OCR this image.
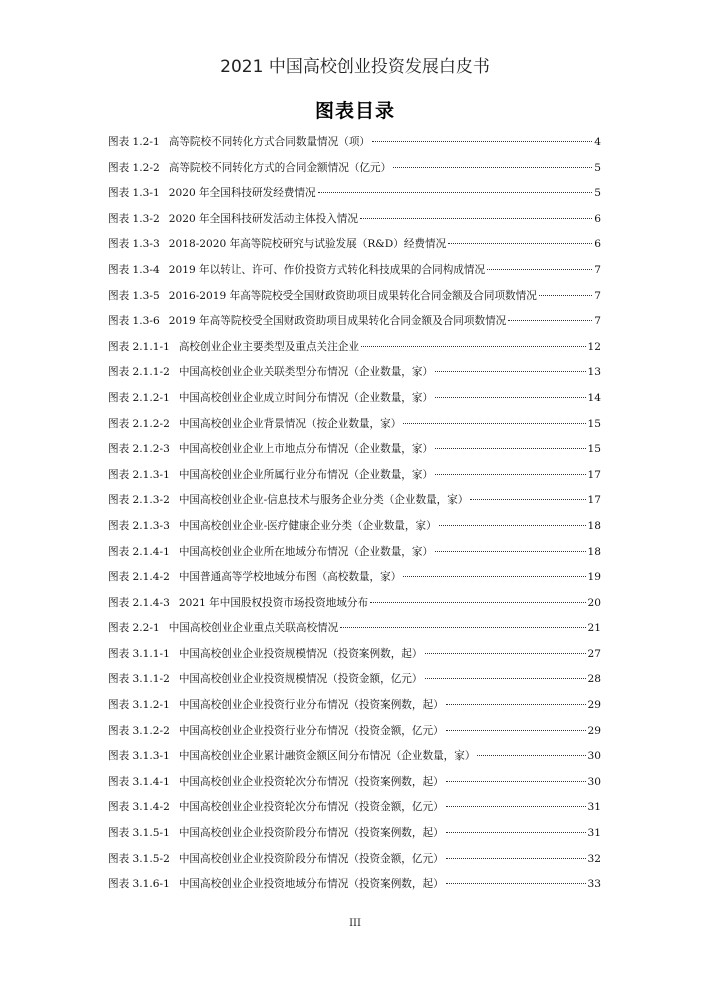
2021 中国高校创业投资发展白皮书
图表目录
图表 1.2-1 高等院校不同转化方式合同数量情况（项）	4
图表 1.2-2 高等院校不同转化方式的合同金额情况（亿元）	5
图表 1.3-1 2020 年全国科技研发经费情况	5
图表 1.3-2 2020 年全国科技研发活动主体投入情况	6
图表 1.3-3 2018-2020 年高等院校研究与试验发展（R&D）经费情况	6
图表 1.3-4 2019 年以转让、许可、作价投资方式转化科技成果的合同构成情况	7
图表 1.3-5 2016-2019 年高等院校受全国财政资助项目成果转化合同金额及合同项数情况	7
图表 1.3-6 2019 年高等院校受全国财政资助项目成果转化合同金额及合同项数情况	7
图表 2.1.1-1 高校创业企业主要类型及重点关注企业	12
图表 2.1.1-2 中国高校创业企业关联类型分布情况（企业数量，家）	13
图表 2.1.2-1 中国高校创业企业成立时间分布情况（企业数量，家）	14
图表 2.1.2-2 中国高校创业企业背景情况（按企业数量，家）	15
图表 2.1.2-3 中国高校创业企业上市地点分布情况（企业数量，家）	15
图表 2.1.3-1 中国高校创业企业所属行业分布情况（企业数量，家）	17
图表 2.1.3-2 中国高校创业企业-信息技术与服务企业分类（企业数量，家）	17
图表 2.1.3-3 中国高校创业企业-医疗健康企业分类（企业数量，家）	18
图表 2.1.4-1 中国高校创业企业所在地域分布情况（企业数量，家）	18
图表 2.1.4-2 中国普通高等学校地域分布图（高校数量，家）	19
图表 2.1.4-3 2021 年中国股权投资市场投资地域分布	20
图表 2.2-1 中国高校创业企业重点关联高校情况	21
图表 3.1.1-1 中国高校创业企业投资规模情况（投资案例数，起）	27
图表 3.1.1-2 中国高校创业企业投资规模情况（投资金额，亿元）	28
图表 3.1.2-1 中国高校创业企业投资行业分布情况（投资案例数，起）	29
图表 3.1.2-2 中国高校创业企业投资行业分布情况（投资金额，亿元）	29
图表 3.1.3-1 中国高校创业企业累计融资金额区间分布情况（企业数量，家）	30
图表 3.1.4-1 中国高校创业企业投资轮次分布情况（投资案例数，起）	30
图表 3.1.4-2 中国高校创业企业投资轮次分布情况（投资金额，亿元）	31
图表 3.1.5-1 中国高校创业企业投资阶段分布情况（投资案例数，起）	31
图表 3.1.5-2 中国高校创业企业投资阶段分布情况（投资金额，亿元）	32
图表 3.1.6-1 中国高校创业企业投资地域分布情况（投资案例数，起）	33
III
